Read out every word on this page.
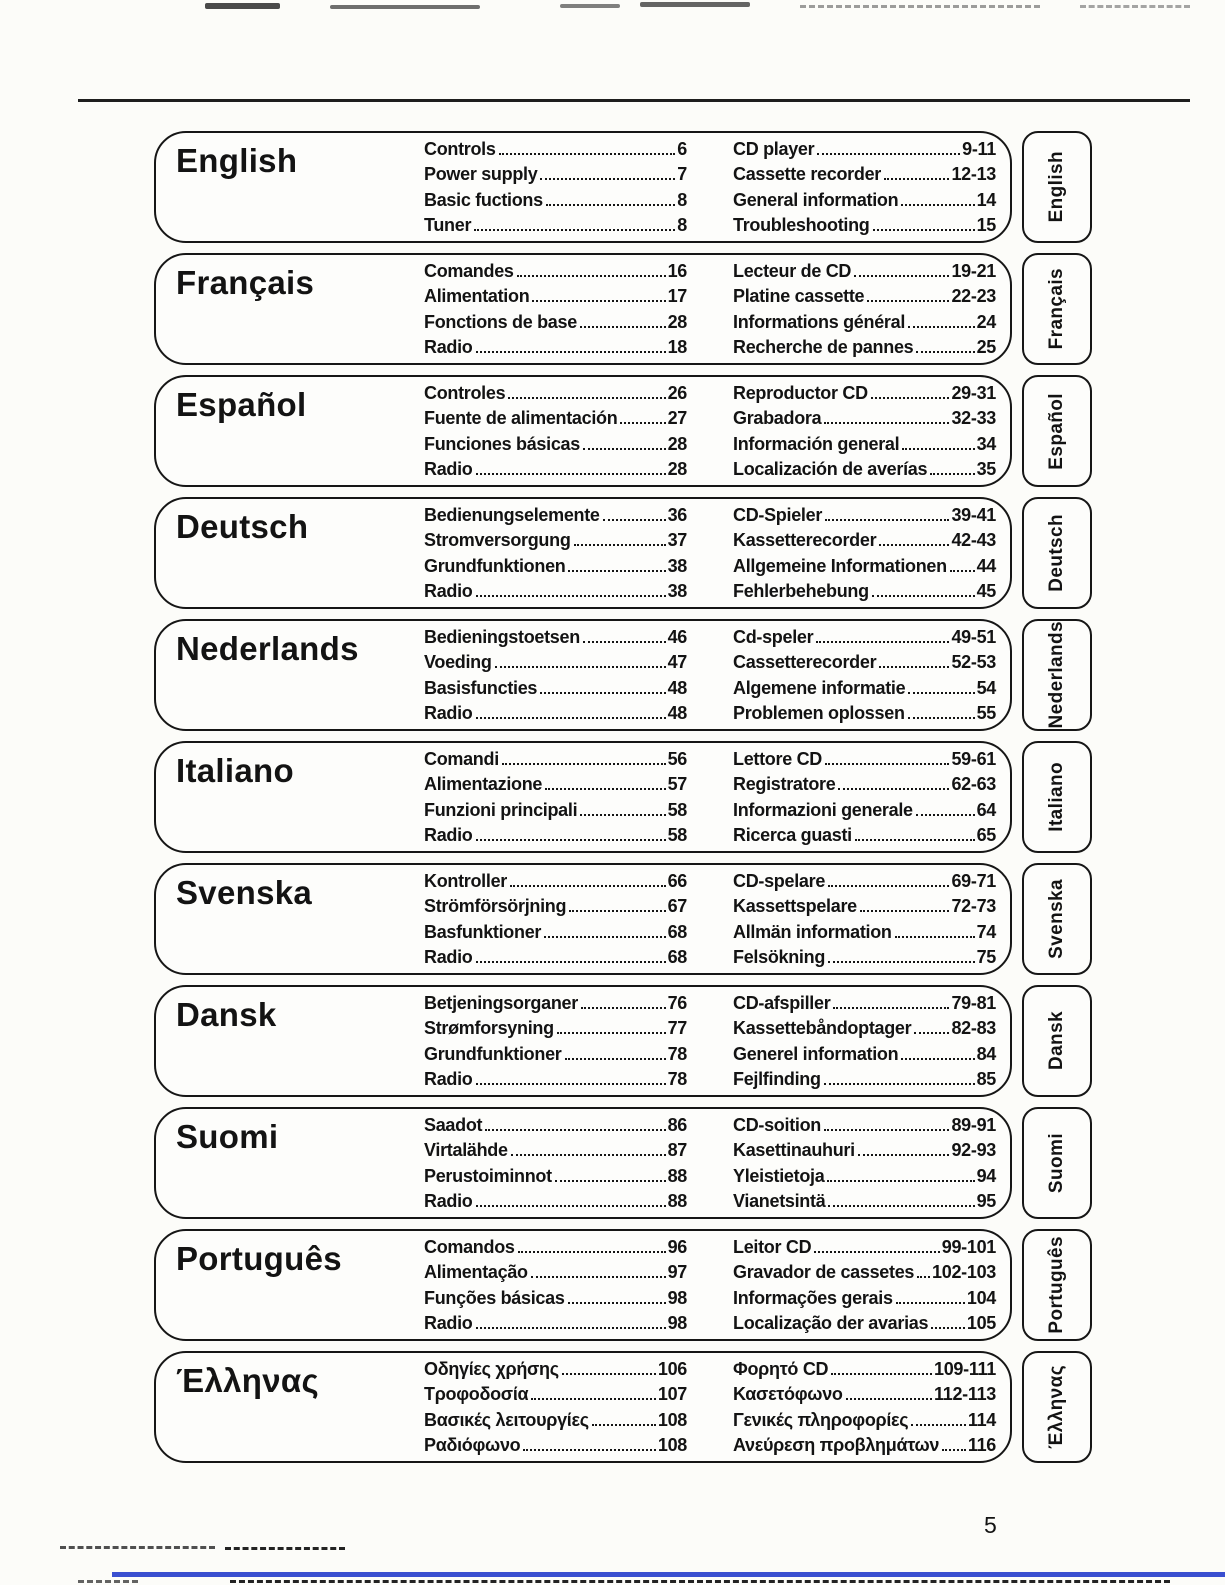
English	Controls	6
Power supply	7
Basic fuctions	8
Tuner	8
CD player	9-11
Cassette recorder	12-13
General information	14
Troubleshooting	15
Français	Comandes	16
Alimentation	17
Fonctions de base	28
Radio	18
Lecteur de CD	19-21
Platine cassette	22-23
Informations général	24
Recherche de pannes	25
Español	Controles	26
Fuente de alimentación	27
Funciones básicas	28
Radio	28
Reproductor CD	29-31
Grabadora	32-33
Información general	34
Localización de averías	35
Deutsch	Bedienungselemente	36
Stromversorgung	37
Grundfunktionen	38
Radio	38
CD-Spieler	39-41
Kassetterecorder	42-43
Allgemeine Informationen 44
Fehlerbehebung	45
Nederlands	Bedieningstoetsen	46
Voeding	47
Basisfuncties	48
Radio	48
Cd-speler	49-51
Cassetterecorder	52-53
Algemene informatie	54
Problemen oplossen	55
Italiano	Comandi	56
Alimentazione	57
Funzioni principali	58
Radio	58
Lettore CD	59-61
Registratore	62-63
Informazioni generale	64
Ricerca guasti	65
Svenska	Kontroller	66
Strömförsörjning	67
Basfunktioner	68
Radio	68
CD-spelare	69-71
Kassettspelare	72-73
Allmän information	74
Felsökning	75
Dansk	Betjeningsorganer	76
Strømforsyning	77
Grundfunktioner	78
Radio	78
CD-afspiller	79-81
Kassettebåndoptager 82-83
Generel information	84
Fejlfinding	85
Suomi	Saadot	86
Virtalähde	87
Perustoiminnot	88
Radio	88
CD-soition	89-91
Kasettinauhuri	92-93
Yleistietoja	94
Vianetsintä	95
Português	Comandos	96
Alimentação	97
Funções básicas	98
Radio	98
Leitor CD	99-101
Gravador de cassetes 102-103
Informações gerais	104
Localização der avarias 105
Έλληνας	Οδηγίες χρήσης	106
Τροφοδοσία	107
Βασικές λειτουργίες	108
Ραδιόφωνο	108
Φορητό CD	109-111
Κασετόφωνο	112-113
Γενικές πληροφορίες	114
Ανεύρεση προβλημάτων 116
English
Français
Español
Deutsch
Nederlands
Italiano
Svenska
Dansk
Suomi
Português
Έλληνας
5
